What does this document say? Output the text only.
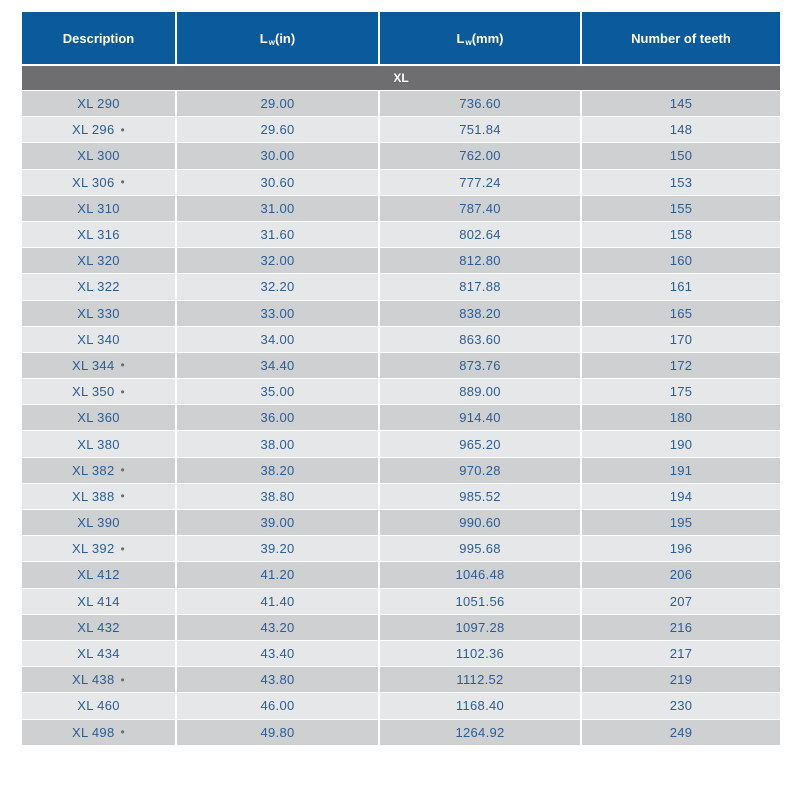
Description	L w (in)	L w (mm)	Number of teeth
XL
XL 290	29.00	736.60	145
XL 296 •	29.60	751.84	148
XL 300	30.00	762.00	150
XL 306 •	30.60	777.24	153
XL 310	31.00	787.40	155
XL 316	31.60	802.64	158
XL 320	32.00	812.80	160
XL 322	32.20	817.88	161
XL 330	33.00	838.20	165
XL 340	34.00	863.60	170
XL 344 •	34.40	873.76	172
XL 350 •	35.00	889.00	175
XL 360	36.00	914.40	180
XL 380	38.00	965.20	190
XL 382 •	38.20	970.28	191
XL 388 •	38.80	985.52	194
XL 390	39.00	990.60	195
XL 392 •	39.20	995.68	196
XL 412	41.20	1046.48	206
XL 414	41.40	1051.56	207
XL 432	43.20	1097.28	216
XL 434	43.40	1102.36	217
XL 438 •	43.80	1112.52	219
XL 460	46.00	1168.40	230
XL 498 •	49.80	1264.92	249
